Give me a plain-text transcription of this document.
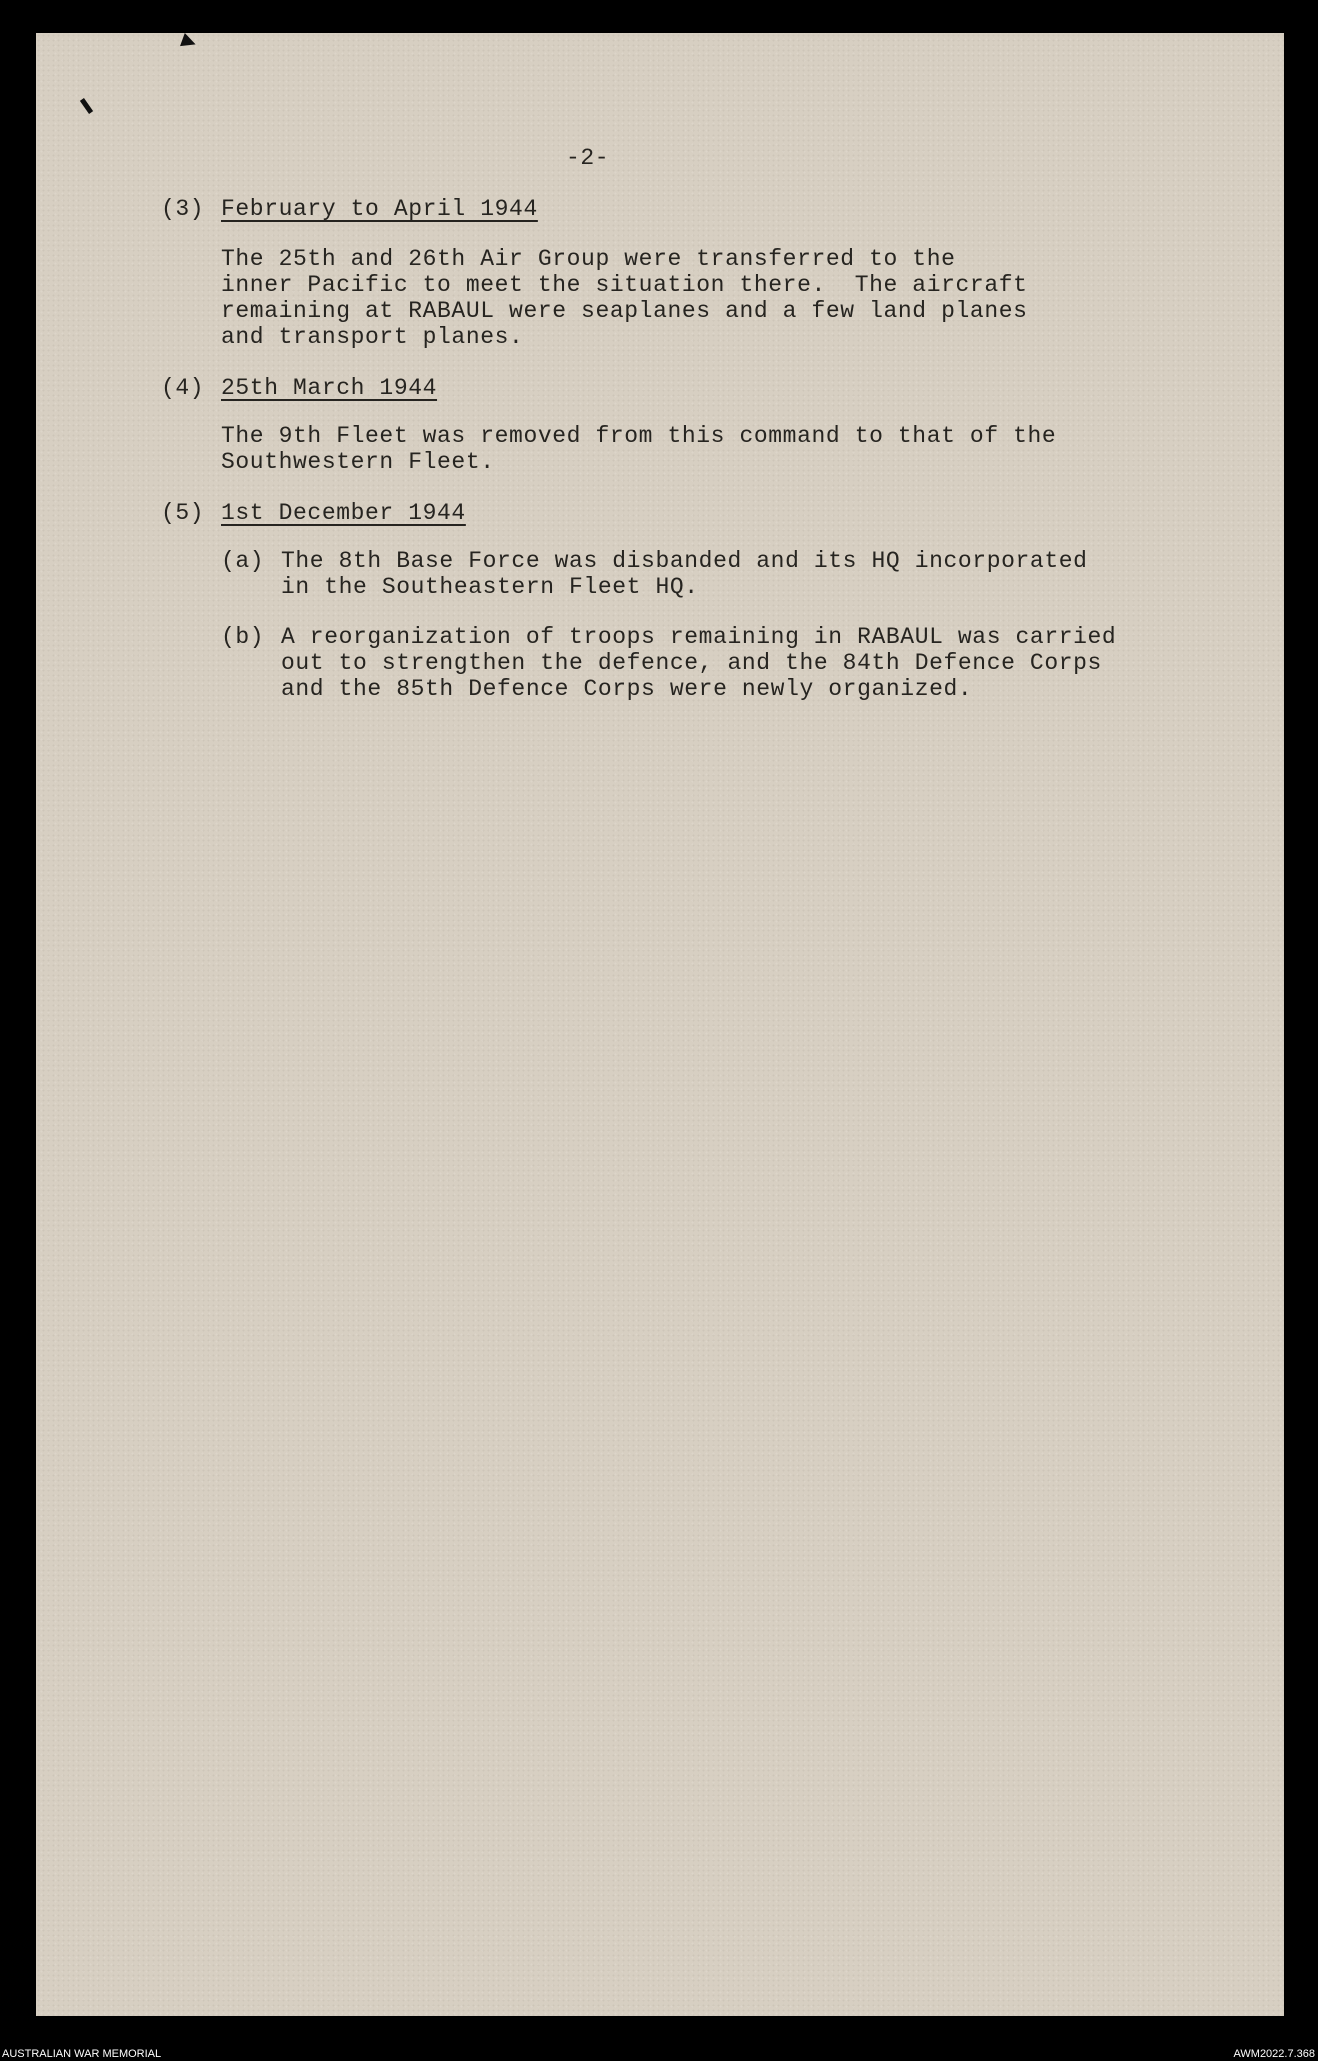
-2-
(3) February to April 1944
The 25th and 26th Air Group were transferred to the
inner Pacific to meet the situation there.  The aircraft
remaining at RABAUL were seaplanes and a few land planes
and transport planes.
(4) 25th March 1944
The 9th Fleet was removed from this command to that of the
Southwestern Fleet.
(5) 1st December 1944
(a) The 8th Base Force was disbanded and its HQ incorporated
in the Southeastern Fleet HQ.
(b) A reorganization of troops remaining in RABAUL was carried
out to strengthen the defence, and the 84th Defence Corps
and the 85th Defence Corps were newly organized.
AUSTRALIAN WAR MEMORIAL	AWM2022.7.368
